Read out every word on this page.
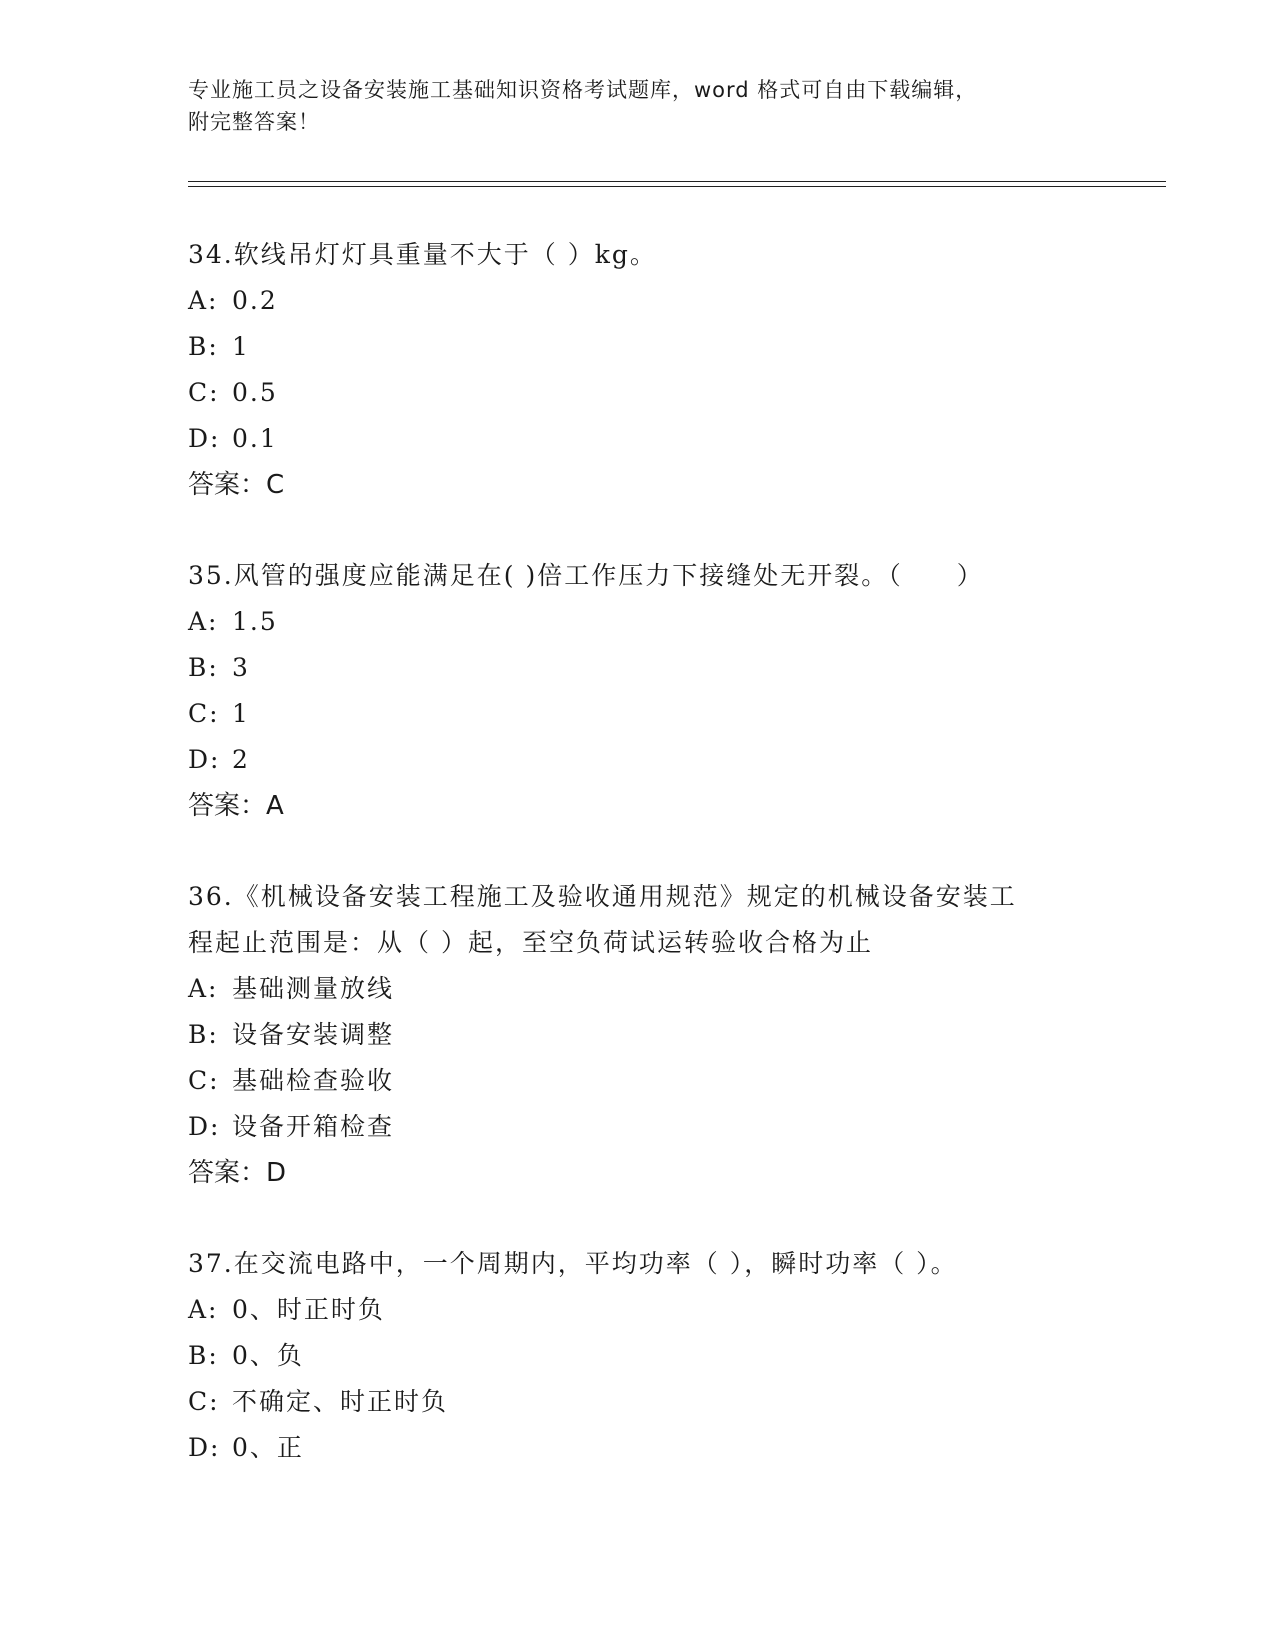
专业施工员之设备安装施工基础知识资格考试题库，word 格式可自由下载编辑，
附完整答案！
34.软线吊灯灯具重量不大于（ ）kg。
A: 0.2
B: 1
C: 0.5
D: 0.1
答案：C
35.风管的强度应能满足在( )倍工作压力下接缝处无开裂。（　　）
A: 1.5
B: 3
C: 1
D: 2
答案：A
36.《机械设备安装工程施工及验收通用规范》规定的机械设备安装工
程起止范围是：从（ ）起，至空负荷试运转验收合格为止
A: 基础测量放线
B: 设备安装调整
C: 基础检查验收
D: 设备开箱检查
答案：D
37.在交流电路中，一个周期内，平均功率（ ），瞬时功率（ ）。
A: 0、时正时负
B: 0、负
C: 不确定、时正时负
D: 0、正
